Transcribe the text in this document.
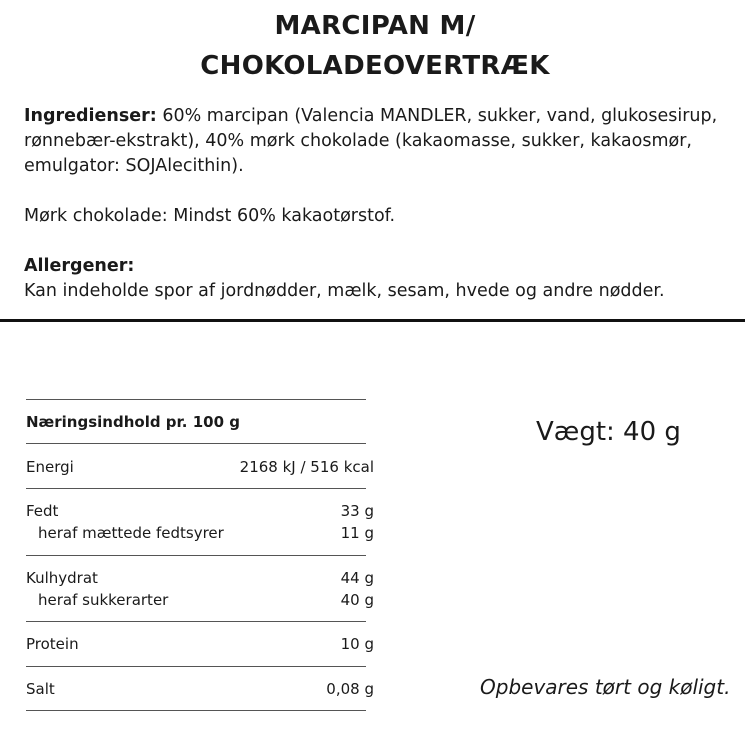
MARCIPAN M/
CHOKOLADEOVERTRÆK
Ingredienser: 60% marcipan (Valencia MANDLER, sukker, vand, glukosesirup, rønnebær-ekstrakt), 40% mørk chokolade (kakaomasse, sukker, kakaosmør, emulgator: SOJAlecithin).
Mørk chokolade: Mindst 60% kakaotørstof.
Allergener:
Kan indeholde spor af jordnødder, mælk, sesam, hvede og andre nødder.
Næringsindhold pr. 100 g
Energi	2168 kJ / 516 kcal
Fedt	33 g
heraf mættede fedtsyrer	11 g
Kulhydrat	44 g
heraf sukkerarter	40 g
Protein	10 g
Salt	0,08 g
Vægt: 40 g
Opbevares tørt og køligt.
